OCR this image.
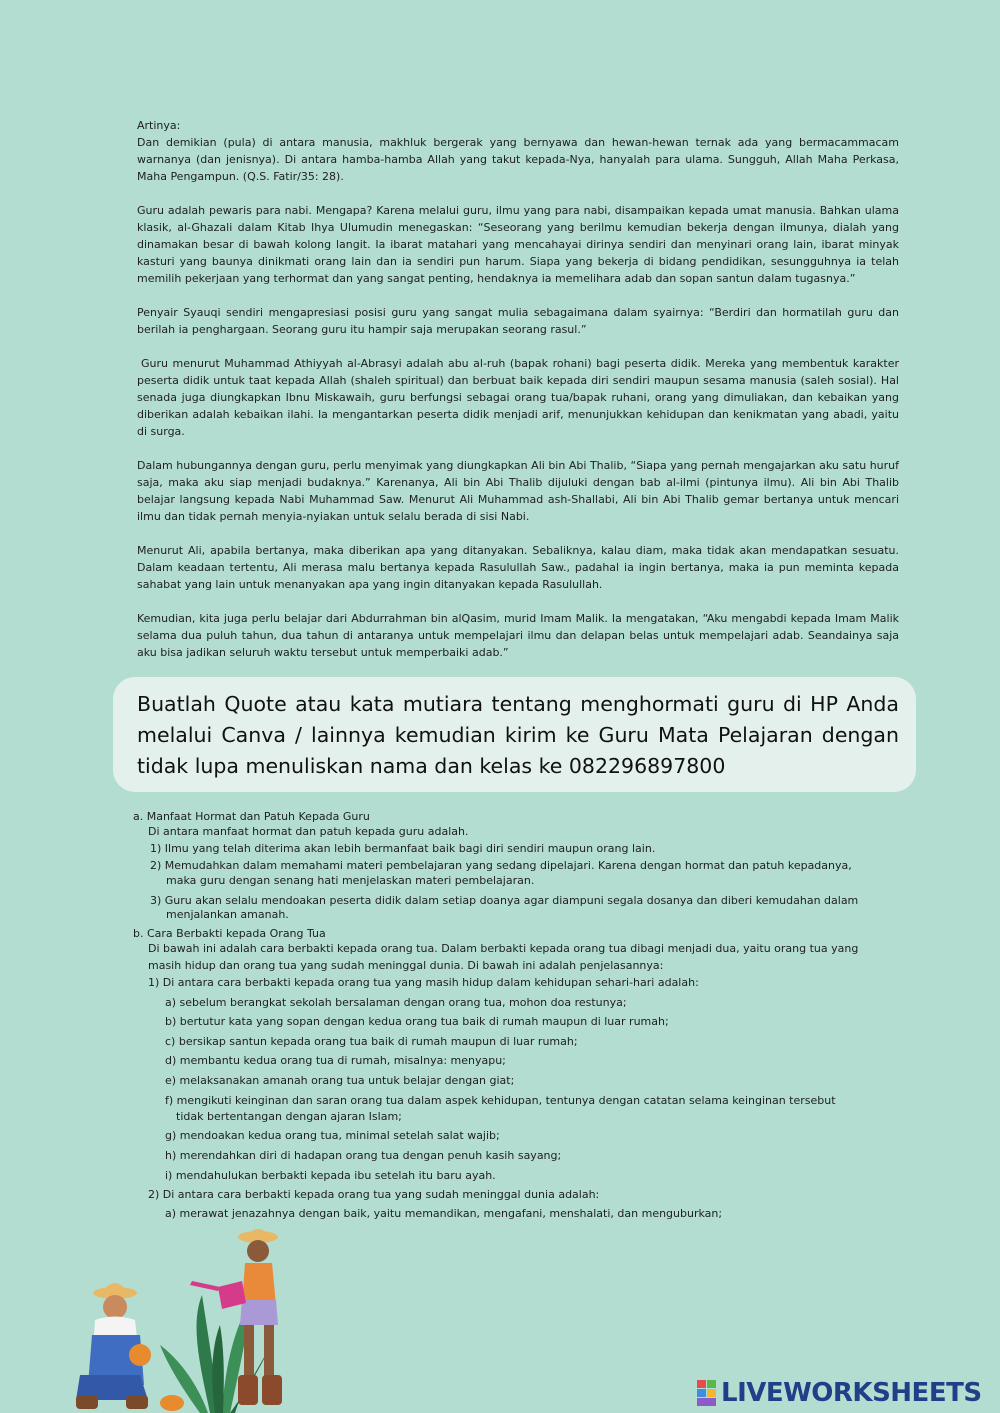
Artinya:

Dan demikian (pula) di antara manusia, makhluk bergerak yang bernyawa dan hewan-hewan ternak ada yang bermacammacam warnanya (dan jenisnya). Di antara hamba-hamba Allah yang takut kepada-Nya, hanyalah para ulama. Sungguh, Allah Maha Perkasa, Maha Pengampun. (Q.S. Fatir/35: 28).

Guru adalah pewaris para nabi. Mengapa? Karena melalui guru, ilmu yang para nabi, disampaikan kepada umat manusia. Bahkan ulama klasik, al-Ghazali dalam Kitab Ihya Ulumudin menegaskan: “Seseorang yang berilmu kemudian bekerja dengan ilmunya, dialah yang dinamakan besar di bawah kolong langit. Ia ibarat matahari yang mencahayai dirinya sendiri dan menyinari orang lain, ibarat minyak kasturi yang baunya dinikmati orang lain dan ia sendiri pun harum. Siapa yang bekerja di bidang pendidikan, sesungguhnya ia telah memilih pekerjaan yang terhormat dan yang sangat penting, hendaknya ia memelihara adab dan sopan santun dalam tugasnya.”

Penyair Syauqi sendiri mengapresiasi posisi guru yang sangat mulia sebagaimana dalam syairnya: “Berdiri dan hormatilah guru dan berilah ia penghargaan. Seorang guru itu hampir saja merupakan seorang rasul.”

Guru menurut Muhammad Athiyyah al-Abrasyi adalah abu al-ruh (bapak rohani) bagi peserta didik. Mereka yang membentuk karakter peserta didik untuk taat kepada Allah (shaleh spiritual) dan berbuat baik kepada diri sendiri maupun sesama manusia (saleh sosial). Hal senada juga diungkapkan Ibnu Miskawaih, guru berfungsi sebagai orang tua/bapak ruhani, orang yang dimuliakan, dan kebaikan yang diberikan adalah kebaikan ilahi. Ia mengantarkan peserta didik menjadi arif, menunjukkan kehidupan dan kenikmatan yang abadi, yaitu di surga.

Dalam hubungannya dengan guru, perlu menyimak yang diungkapkan Ali bin Abi Thalib, “Siapa yang pernah mengajarkan aku satu huruf saja, maka aku siap menjadi budaknya.” Karenanya, Ali bin Abi Thalib dijuluki dengan bab al-ilmi (pintunya ilmu). Ali bin Abi Thalib belajar langsung kepada Nabi Muhammad Saw. Menurut Ali Muhammad ash-Shallabi, Ali bin Abi Thalib gemar bertanya untuk mencari ilmu dan tidak pernah menyia-nyiakan untuk selalu berada di sisi Nabi.

Menurut Ali, apabila bertanya, maka diberikan apa yang ditanyakan. Sebaliknya, kalau diam, maka tidak akan mendapatkan sesuatu. Dalam keadaan tertentu, Ali merasa malu bertanya kepada Rasulullah Saw., padahal ia ingin bertanya, maka ia pun meminta kepada sahabat yang lain untuk menanyakan apa yang ingin ditanyakan kepada Rasulullah.

Kemudian, kita juga perlu belajar dari Abdurrahman bin alQasim, murid Imam Malik. Ia mengatakan, “Aku mengabdi kepada Imam Malik selama dua puluh tahun, dua tahun di antaranya untuk mempelajari ilmu dan delapan belas untuk mempelajari adab. Seandainya saja aku bisa jadikan seluruh waktu tersebut untuk memperbaiki adab.”

Buatlah Quote atau kata mutiara tentang menghormati guru di HP Anda melalui Canva / lainnya kemudian kirim ke Guru Mata Pelajaran dengan tidak lupa menuliskan nama dan kelas ke 082296897800

a. Manfaat Hormat dan Patuh Kepada Guru

Di antara manfaat hormat dan patuh kepada guru adalah.

1) Ilmu yang telah diterima akan lebih bermanfaat baik bagi diri sendiri maupun orang lain.

2) Memudahkan dalam memahami materi pembelajaran yang sedang dipelajari. Karena dengan hormat dan patuh kepadanya,

maka guru dengan senang hati menjelaskan materi pembelajaran.

3) Guru akan selalu mendoakan peserta didik dalam setiap doanya agar diampuni segala dosanya dan diberi kemudahan dalam

menjalankan amanah.

b. Cara Berbakti kepada Orang Tua

Di bawah ini adalah cara berbakti kepada orang tua. Dalam berbakti kepada orang tua dibagi menjadi dua, yaitu orang tua yang

masih hidup dan orang tua yang sudah meninggal dunia. Di bawah ini adalah penjelasannya:

1) Di antara cara berbakti kepada orang tua yang masih hidup dalam kehidupan sehari-hari adalah:

a) sebelum berangkat sekolah bersalaman dengan orang tua, mohon doa restunya;

b) bertutur kata yang sopan dengan kedua orang tua baik di rumah maupun di luar rumah;

c) bersikap santun kepada orang tua baik di rumah maupun di luar rumah;

d) membantu kedua orang tua di rumah, misalnya: menyapu;

e) melaksanakan amanah orang tua untuk belajar dengan giat;

f) mengikuti keinginan dan saran orang tua dalam aspek kehidupan, tentunya dengan catatan selama keinginan tersebut

tidak bertentangan dengan ajaran Islam;

g) mendoakan kedua orang tua, minimal setelah salat wajib;

h) merendahkan diri di hadapan orang tua dengan penuh kasih sayang;

i) mendahulukan berbakti kepada ibu setelah itu baru ayah.

2) Di antara cara berbakti kepada orang tua yang sudah meninggal dunia adalah:

a) merawat jenazahnya dengan baik, yaitu memandikan, mengafani, menshalati, dan menguburkan;

LIVEWORKSHEETS
